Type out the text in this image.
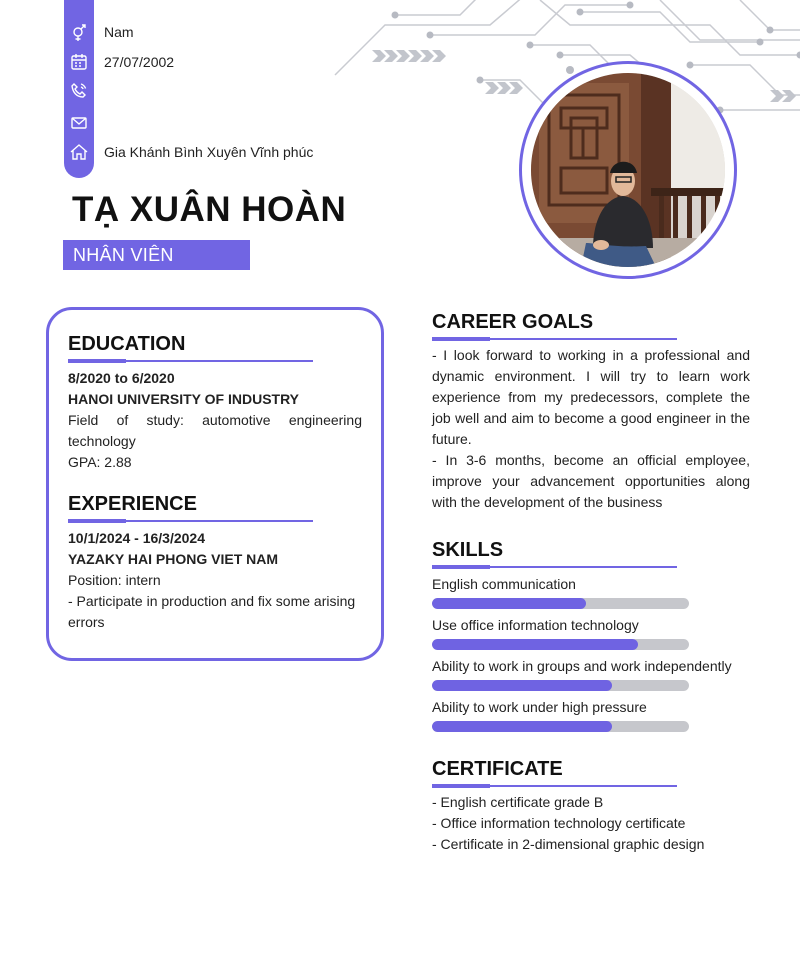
Nam
27/07/2002
Gia Khánh Bình Xuyên Vĩnh phúc
TẠ XUÂN HOÀN
NHÂN VIÊN
EDUCATION
8/2020 to 6/2020
HANOI UNIVERSITY OF INDUSTRY
Field of study: automotive engineering technology
GPA: 2.88
EXPERIENCE
10/1/2024 - 16/3/2024
YAZAKY HAI PHONG VIET NAM
Position: intern
- Participate in production and fix some arising errors
CAREER GOALS
- I look forward to working in a professional and dynamic environment. I will try to learn work experience from my predecessors, complete the job well and aim to become a good engineer in the future.
- In 3-6 months, become an official employee, improve your advancement opportunities along with the development of the business
SKILLS
English communication
Use office information technology
Ability to work in groups and work independently
Ability to work under high pressure
CERTIFICATE
- English certificate grade B
- Office information technology certificate
- Certificate in 2-dimensional graphic design
